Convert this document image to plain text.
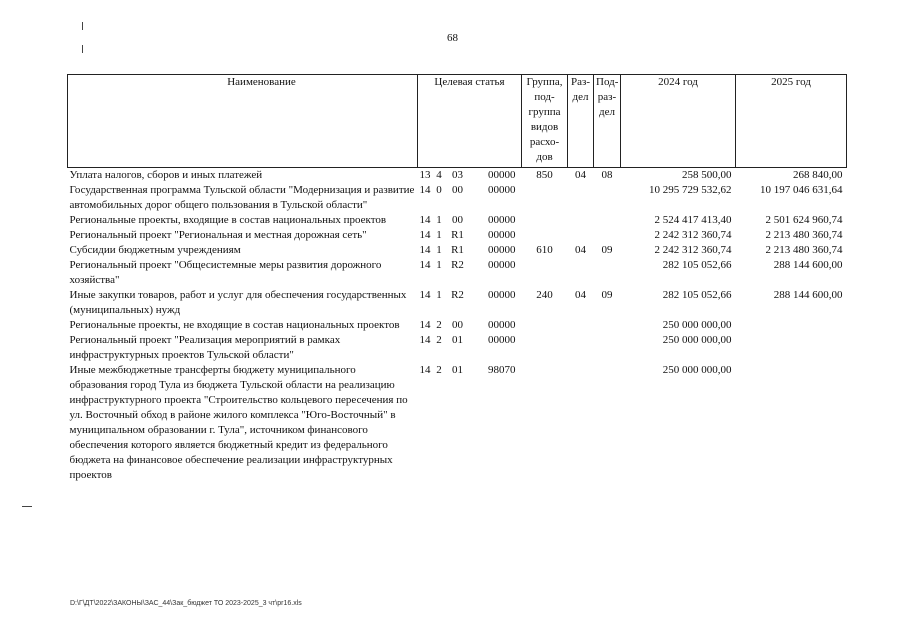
68
Наименование	Целевая статья				Группа, под-группа видов расхо-дов	Раз-дел	Под-раз-дел	2024 год	2025 год
Уплата налогов, сборов и иных платежей	13	4	03	00000	850	04	08	258 500,00	268 840,00
Государственная программа Тульской области "Модернизация и развитие автомобильных дорог общего пользования в Тульской области"	14	0	00	00000				10 295 729 532,62	10 197 046 631,64
Региональные проекты, входящие в состав национальных проектов	14	1	00	00000				2 524 417 413,40	2 501 624 960,74
Региональный проект "Региональная и местная дорожная сеть"	14	1	R1	00000				2 242 312 360,74	2 213 480 360,74
Субсидии бюджетным учреждениям	14	1	R1	00000	610	04	09	2 242 312 360,74	2 213 480 360,74
Региональный проект "Общесистемные меры развития дорожного хозяйства"	14	1	R2	00000				282 105 052,66	288 144 600,00
Иные закупки товаров, работ и услуг для обеспечения государственных (муниципальных) нужд	14	1	R2	00000	240	04	09	282 105 052,66	288 144 600,00
Региональные проекты, не входящие в состав национальных проектов	14	2	00	00000				250 000 000,00	
Региональный проект "Реализация мероприятий в рамках инфраструктурных проектов Тульской области"	14	2	01	00000				250 000 000,00	
Иные межбюджетные трансферты бюджету муниципального образования город Тула из бюджета Тульской области на реализацию инфраструктурного проекта "Строительство кольцевого пересечения по ул. Восточный обход в районе жилого комплекса "Юго-Восточный" в муниципальном образовании г. Тула", источником финансового обеспечения которого является бюджетный кредит из федерального бюджета на финансовое обеспечение реализации инфраструктурных проектов	14	2	01	98070				250 000 000,00	
D:\Г\ДТ\2022\ЗАКОНЫ\ЗАС_44\Зак_бюджет ТО 2023-2025_3 чт\pr16.xls
